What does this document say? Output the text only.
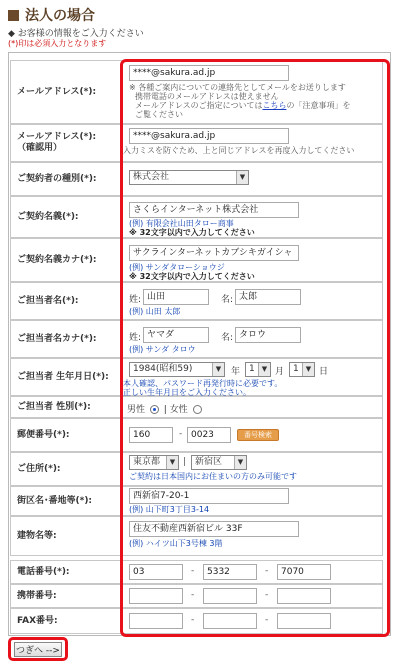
法人の場合
◆ お客様の情報をご入力ください
(*)印は必須入力となります
メールアドレス(*):
****@sakura.ad.jp
※ 各種ご案内についての連絡先としてメールをお送りします
携帯電話のメールアドレスは使えません
メールアドレスのご指定についてはこちらの「注意事項」を
ご覧ください
メールアドレス(*):
（確認用）
****@sakura.ad.jp
入力ミスを防ぐため、上と同じアドレスを再度入力してください
ご契約者の種別(*):	株式会社	▼
ご契約名義(*):
さくらインターネット株式会社
(例) 有限会社山田タロー商事
※ 32文字以内で入力してください
ご契約名義カナ(*):
サクラインターネットカブシキガイシャ
(例) サンダタローショウジ
※ 32文字以内で入力してください
ご担当者名(*):	姓: 山田	名: 太郎
(例) 山田 太郎
ご担当者名カナ(*):	姓: ヤマダ	名: タロウ
(例) サンダ タロウ
ご担当者 生年月日(*):
1984(昭和59)	▼	年 1	▼ 月 1	▼ 日
本人確認、パスワード再発行時に必要です。
正しい生年月日をご入力ください。
ご担当者 性別(*):	男性 | 女性
郵便番号(*):	160	- 0023	番号検索
ご住所(*):
東京都	▼ | 新宿区	▼
ご契約は日本国内にお住まいの方のみ可能です
街区名･番地等(*):	西新宿7-20-1
(例) 山下町3丁目3-14
建物名等:
住友不動産西新宿ビル 33F
(例) ハイツ山下3号棟 3階
電話番号(*):	03	-	5332	-	7070
携帯番号:	-	-
FAX番号:	-	-
つぎへ -->
